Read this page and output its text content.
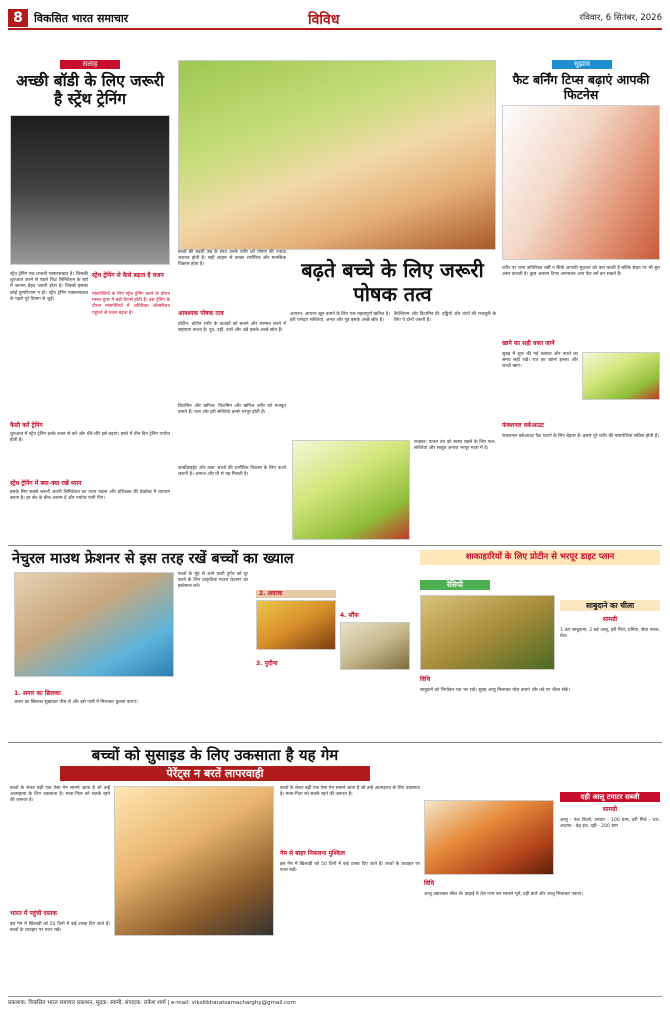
8	विकसित भारत समाचार	विविध	रविवार, 6 सितंबर, 2026
सलाह
अच्छी बॉडी के लिए जरूरी है स्ट्रेंथ ट्रेनिंग
स्ट्रेंथ ट्रेनिंग एक प्रभावी एक्सरसाइज है। जिसकी शुरुआत करने से पहले फिट लिमिटेशन के बारे में जानना बेहद जरूरी होता है। जिससे इसका कोई दुष्परिणाम न हो। स्ट्रेंथ ट्रेनिंग एक्सरसाइज के पहले पूरे दिमाग से जुड़ें।
स्ट्रेंथ ट्रेनिंग से कैसे बढ़ता है वजन
मांसपेशियों के लिए स्ट्रेंथ ट्रेनिंग करने के दौरान मसल ग्रुप्स में बड़ी टियर्स होती हैं। इस ट्रेनिंग के दौरान मांसपेशियों में अतिरिक्त ऑक्सीजन पहुंचने से वजन बढ़ता है।
कैसी करें ट्रेनिंग
शुरुआत में स्ट्रेंथ ट्रेनिंग हल्के वजन से करें और धीरे-धीरे इसे बढ़ाएं। हफ्ते में तीन दिन ट्रेनिंग पर्याप्त होती है।
स्ट्रेंथ ट्रेनिंग में क्या-क्या रखें ध्यान
इसके लिए सबसे जरूरी अपनी लिमिटेशन का ध्यान रखना और प्रशिक्षक की देखरेख में व्यायाम करना है। हर सेट के बीच आराम दें और पर्याप्त पानी पिएं।
बढ़ते बच्चे के लिए जरूरी पोषक तत्व
बच्चों की बढ़ती उम्र के साथ उनके शरीर को पोषण की ज्यादा जरूरत होती है। सही आहार से उनका शारीरिक और मानसिक विकास होता है।
आवश्यक पोषक तत्व
प्रोटीन: प्रोटीन शरीर के ऊतकों को बनाने और मरम्मत करने में सहायता करता है। दूध, दही, दालें और अंडे इसके अच्छे स्रोत हैं।
विटामिन और खनिज: विटामिन और खनिज शरीर को मजबूत बनाते हैं। फल और हरी सब्जियां इनसे भरपूर होती हैं।
कार्बोहाइड्रेट और वसा: बच्चों की शारीरिक विकास के लिए ऊर्जा जरूरी है। अनाज और घी से यह मिलती है।
आयरन: आयरन खून बनाने के लिए एक महत्वपूर्ण खनिज है। हरी पत्तेदार सब्जियां, अनार और गुड़ इसके अच्छे स्रोत हैं।
कैल्शियम और विटामिन डी: हड्डियों और दांतों की मजबूती के लिए ये दोनों जरूरी हैं।
फाइबर: पाचन तंत्र को स्वस्थ रखने के लिए फल, सब्जियां और साबुत अनाज भरपूर मात्रा में दें।
सुझाव
फैट बर्निंग टिप्स बढ़ाएं आपकी फिटनेस
शरीर पर जमा अतिरिक्त चर्बी न सिर्फ आपकी सुंदरता को कम करती है बल्कि सेहत पर भी बुरा असर डालती है। कुछ आसान टिप्स अपनाकर आप फैट बर्न कर सकते हैं।
खाने का सही वक्त जानें
सुबह में शुरू की गई कसरत और नाश्ते का समय सही रखें। रात का खाना हल्का और जल्दी खाएं।
फंक्शनल वर्कआउट
फंक्शनल वर्कआउट फैट घटाने के लिए बेहतर है। इससे पूरे शरीर की मांसपेशियां सक्रिय होती हैं।
नेचुरल माउथ फ्रेशनर से इस तरह रखें बच्चों का ख्याल
बच्चों के मुंह से आने वाली दुर्गंध को दूर करने के लिए प्राकृतिक माउथ फ्रेशनर का इस्तेमाल करें।
1. अनार का छिलका
अनार का छिलका सुखाकर पीस लें और इसे पानी में मिलाकर कुल्ला कराएं।
2. अदरक
3. पुदीना
4. सौंफ
शाकाहारियों के लिए प्रोटीन से भरपूर डाइट प्लान
रेसिपी
साबुदाने का चीला
सामग्री
1 कप साबुदाना, 2 बड़े आलू, हरी मिर्च, धनिया, सेंधा नमक, तेल।
विधि
साबुदाने को भिगोकर रात भर रखें। सुबह आलू मिलाकर घोल बनाएं और तवे पर चीला सेकें।
बच्चों को सुसाइड के लिए उकसाता है यह गेम
पेरेंट्स न बरतें लापरवाही
बच्चों के लेकर बढ़ी एक ऐसा गेम सामने आया है जो उन्हें आत्महत्या के लिए उकसाता है। माता-पिता को सतर्क रहने की जरूरत है।
भारत में पहुंची दस्तक
इस गेम में खिलाड़ी को 50 दिनों में कई टास्क दिए जाते हैं। बच्चों के व्यवहार पर नजर रखें।
गेम से बाहर निकलना मुश्किल
बच्चों के लेकर बढ़ी एक ऐसा गेम सामने आया है जो उन्हें आत्महत्या के लिए उकसाता है। माता-पिता को सतर्क रहने की जरूरत है।
इस गेम में खिलाड़ी को 50 दिनों में कई टास्क दिए जाते हैं। बच्चों के व्यवहार पर नजर रखें।
दही आलू टमाटर सब्जी
सामग्री
आलू - एक किलो, टमाटर - 100 ग्राम, हरी मिर्च - चार, अदरक - डेढ़ इंच, दही - 200 ग्राम
विधि
आलू उबालकर छील लें। कढ़ाई में तेल गरम कर मसाले भूनें, दही डालें और आलू मिलाकर पकाएं।
प्रकाशक: विकसित भारत समाचार प्रकाशन, मुद्रक: स्वामी, संपादक: राकेश शर्मा | e-mail: viksitbharatsamacharghy@gmail.com
